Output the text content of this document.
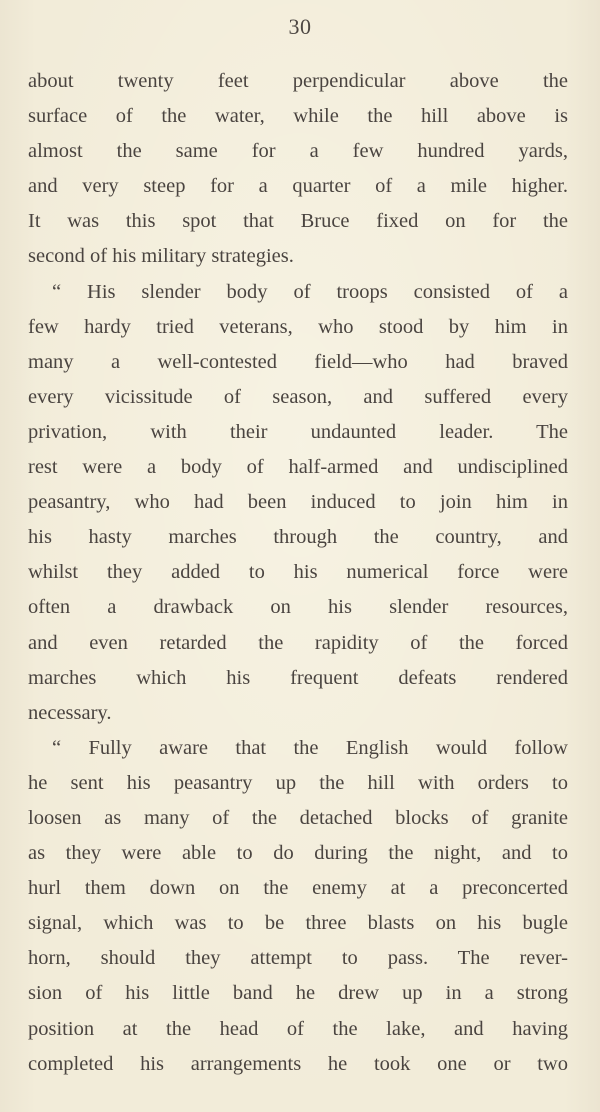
30
about twenty feet perpendicular above the
surface of the water, while the hill above is
almost the same for a few hundred yards,
and very steep for a quarter of a mile higher.
It was this spot that Bruce fixed on for the
second of his military strategies.
“ His slender body of troops consisted of a
few hardy tried veterans, who stood by him in
many a well-contested field—who had braved
every vicissitude of season, and suffered every
privation, with their undaunted leader. The
rest were a body of half-armed and undisciplined
peasantry, who had been induced to join him in
his hasty marches through the country, and
whilst they added to his numerical force were
often a drawback on his slender resources,
and even retarded the rapidity of the forced
marches which his frequent defeats rendered
necessary.
“ Fully aware that the English would follow
he sent his peasantry up the hill with orders to
loosen as many of the detached blocks of granite
as they were able to do during the night, and to
hurl them down on the enemy at a preconcerted
signal, which was to be three blasts on his bugle
horn, should they attempt to pass. The rever-
sion of his little band he drew up in a strong
position at the head of the lake, and having
completed his arrangements he took one or two
